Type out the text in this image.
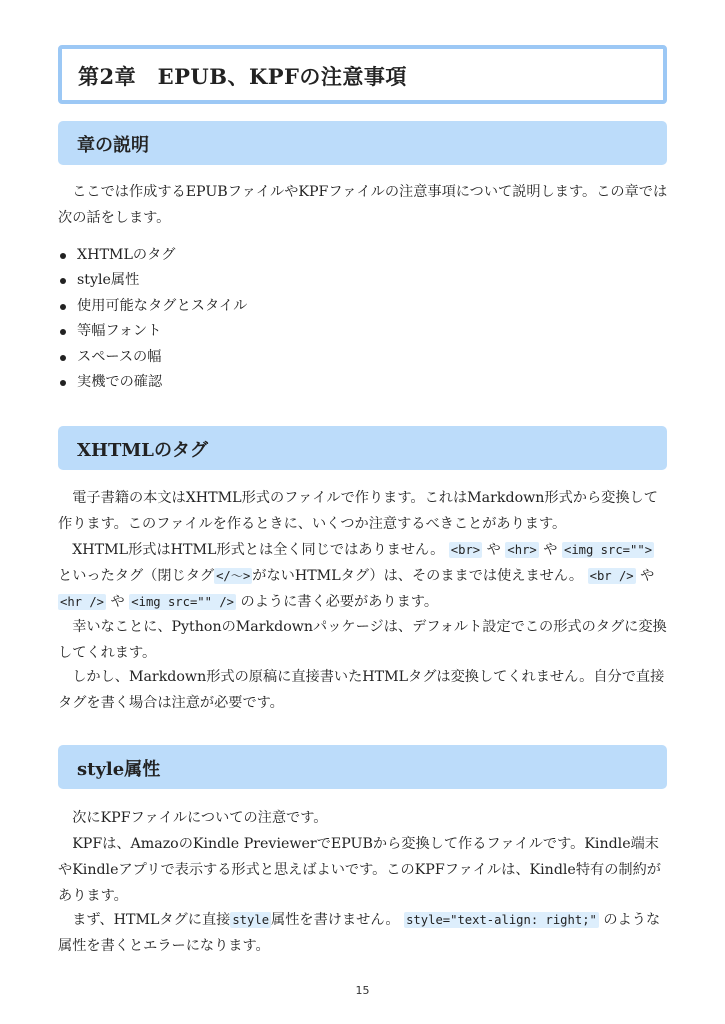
第2章　EPUB、KPFの注意事項
章の説明

ここでは作成するEPUBファイルやKPFファイルの注意事項について説明します。この章では次の話をします。

XHTMLのタグ
style属性
使用可能なタグとスタイル
等幅フォント
スペースの幅
実機での確認
XHTMLのタグ

電子書籍の本文はXHTML形式のファイルで作ります。これはMarkdown形式から変換して作ります。このファイルを作るときに、いくつか注意するべきことがあります。

XHTML形式はHTML形式とは全く同じではありません。 <br> や <hr> や <img src=""> といったタグ（閉じタグ </〜> がないHTMLタグ）は、そのままでは使えません。 <br /> や <hr /> や <img src="" /> のように書く必要があります。

幸いなことに、PythonのMarkdownパッケージは、デフォルト設定でこの形式のタグに変換してくれます。

しかし、Markdown形式の原稿に直接書いたHTMLタグは変換してくれません。自分で直接タグを書く場合は注意が必要です。

style属性

次にKPFファイルについての注意です。

KPFは、AmazoのKindle PreviewerでEPUBから変換して作るファイルです。Kindle端末やKindleアプリで表示する形式と思えばよいです。このKPFファイルは、Kindle特有の制約があります。

まず、HTMLタグに直接 style 属性を書けません。 style="text-align: right;" のような属性を書くとエラーになります。

15
